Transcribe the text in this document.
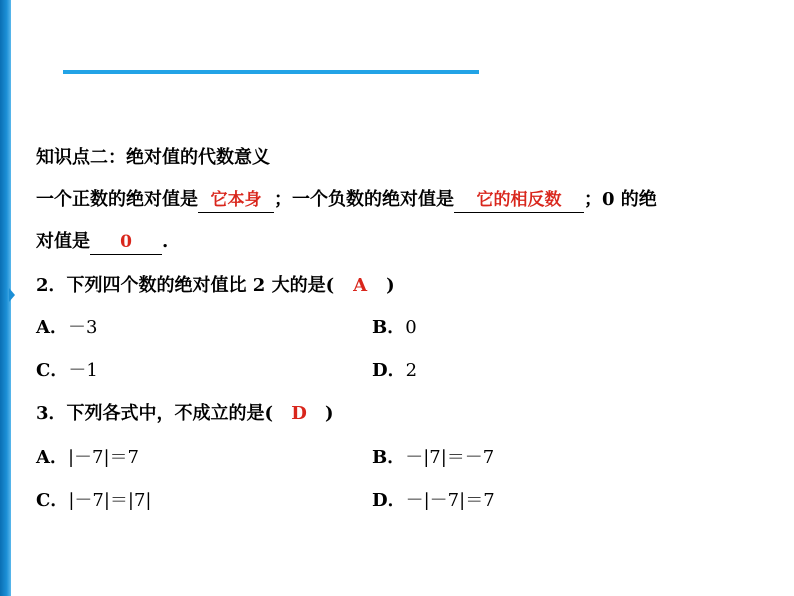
知识点二：绝对值的代数意义
一个正数的绝对值是 它本身 ；一个负数的绝对值是 它的相反数 ；0 的绝
对值是 0 .
2．下列四个数的绝对值比 2 大的是( A )
A．－3	B．0
C．－1	D．2
3．下列各式中，不成立的是( D )
A．|－7|＝7	B．－|7|＝－7
C．|－7|＝|7|	D．－|－7|＝7
